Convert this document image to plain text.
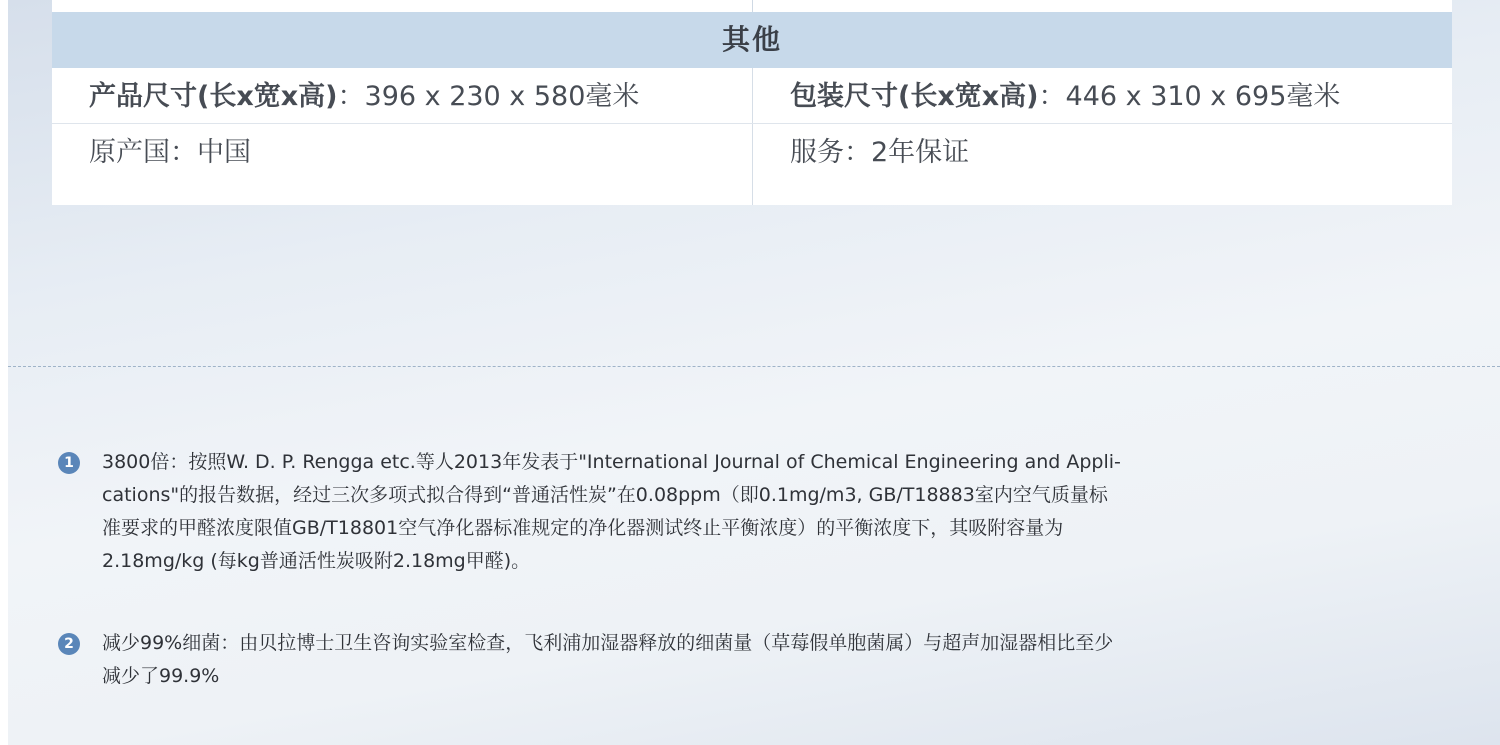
其他
产品尺寸(长x宽x高)：396 x 230 x 580毫米	包装尺寸(长x宽x高)：446 x 310 x 695毫米
原产国：中国	服务：2年保证
1	3800倍：按照W. D. P. Rengga etc.等人2013年发表于"International Journal of Chemical Engineering and Appli-
cations"的报告数据，经过三次多项式拟合得到“普通活性炭”在0.08ppm（即0.1mg/m3, GB/T18883室内空气质量标
准要求的甲醛浓度限值GB/T18801空气净化器标准规定的净化器测试终止平衡浓度）的平衡浓度下，其吸附容量为
2.18mg/kg (每kg普通活性炭吸附2.18mg甲醛)。
2	减少99%细菌：由贝拉博士卫生咨询实验室检查，飞利浦加湿器释放的细菌量（草莓假单胞菌属）与超声加湿器相比至少
减少了99.9%
